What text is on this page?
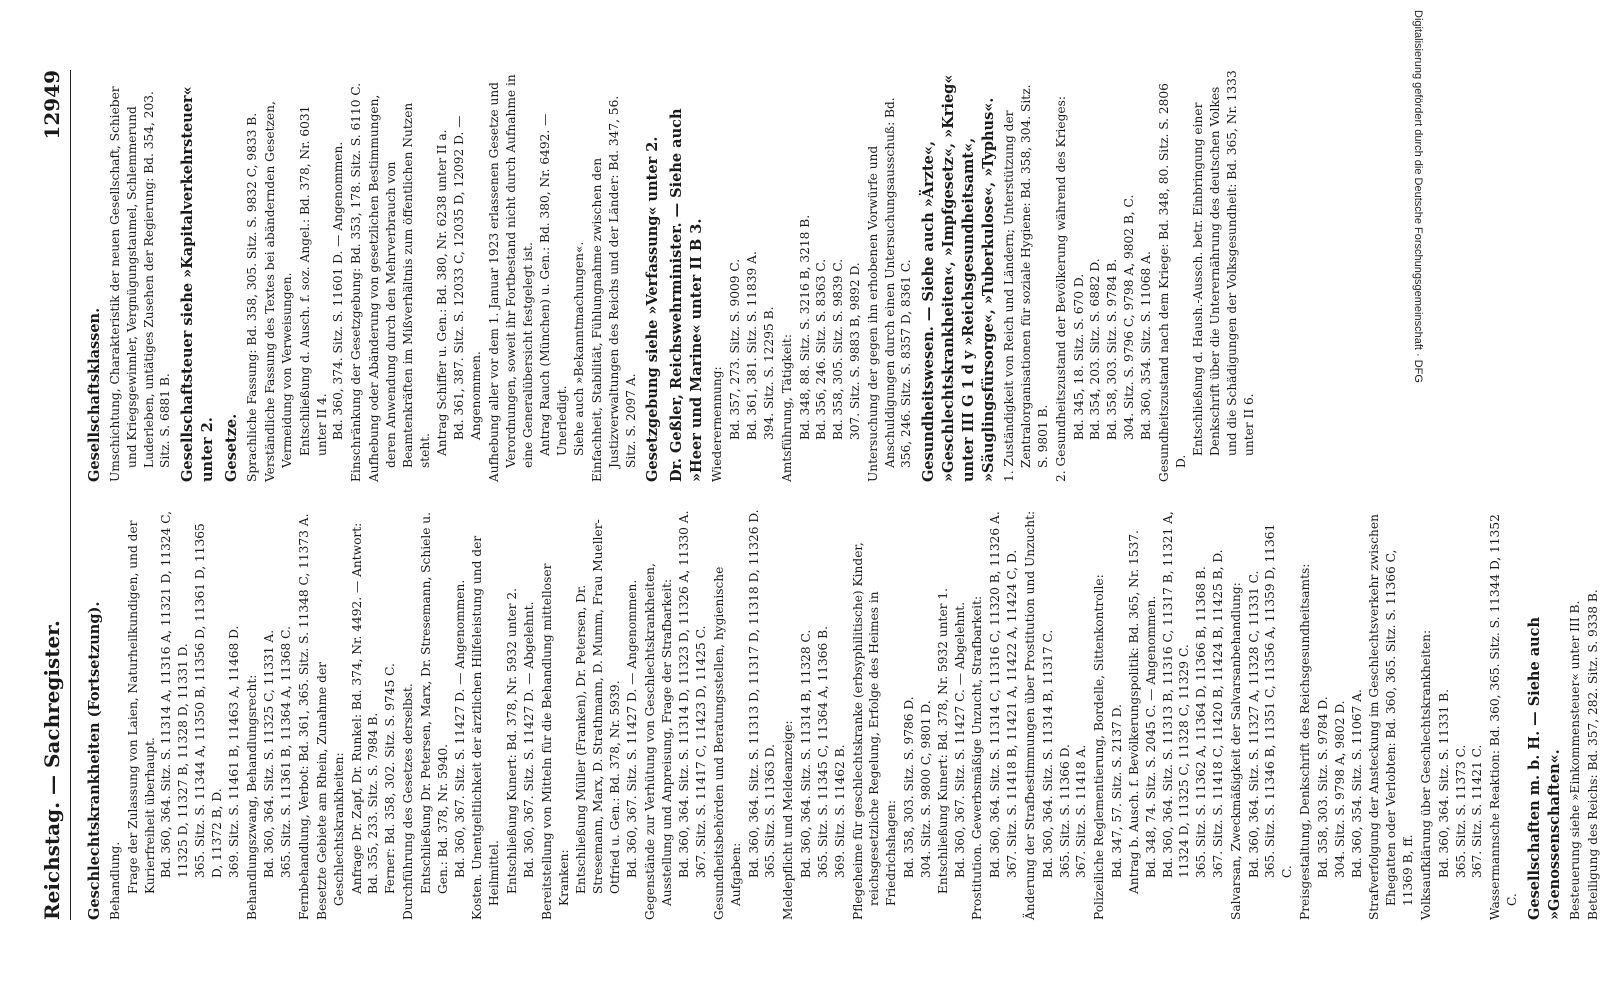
Reichstag. — Sachregister.
12949
Geschlechtskrankheiten (Fortsetzung). Behandlung. Frage der Zulassung von Laien, Naturheilkundigen, und der Kurierfreiheit überhaupt. Bd. 360, 364. Sitz. S. 11314 A, 11316 A, 11321 D, 11324 C, 11325 D, 11327 B, 11328 D, 11331 D. 365. Sitz. S. 11344 A, 11350 B, 11356 D, 11361 D, 11365 D, 11372 B, D. 369. Sitz. S. 11461 B, 11463 A, 11468 D. Behandlungszwang, Behandlungsrecht: Bd. 360, 364. Sitz. S. 11325 C, 11331 A. 365. Sitz. S. 11361 B, 11364 A, 11368 C. Fernbehandlung, Verbot: Bd. 361, 365. Sitz. S. 11348 C, 11373 A. Besetzte Gebiete am Rhein, Zunahme der Geschlechtskrankheiten: Anfrage Dr. Zapf, Dr. Runkel: Bd. 374, Nr. 4492. — Antwort: Bd. 355, 233. Sitz. S. 7984 B. Ferner: Bd. 358, 302. Sitz. S. 9745 C. Durchführung des Gesetzes derselbst. Entschließung Dr. Petersen, Marx, Dr. Stresemann, Schiele u. Gen.: Bd. 378, Nr. 5940. Bd. 360, 367. Sitz. S. 11427 D. — Angenommen. Kosten. Unentgeltlichkeit der ärztlichen Hilfeleistung und der Heilmittel. Entschließung Kunert: Bd. 378, Nr. 5932 unter 2. Bd. 360, 367. Sitz. S. 11427 D. — Abgelehnt. Bereitstellung von Mitteln für die Behandlung mittelloser Kranken: Entschließung Müller (Franken), Dr. Petersen, Dr. Stresemann, Marx, D. Strathmann, D. Mumm, Frau Mueller-Otfried u. Gen.: Bd. 378, Nr. 5939. Bd. 360, 367. Sitz. S. 11427 D. — Angenommen. Gegenstände zur Verhütung von Geschlechtskrankheiten, Ausstellung und Anpreisung, Frage der Strafbarkeit: Bd. 360, 364. Sitz. S. 11314 D, 11323 D, 11326 A, 11330 A. 367. Sitz. S. 11417 C, 11423 D, 11425 C. Gesundheitsbehörden und Beratungsstellen, hygienische Aufgaben: Bd. 360, 364. Sitz. S. 11313 D, 11317 D, 11318 D, 11326 D. 365. Sitz. S. 11363 D. Meldepflicht und Meldeanzeige: Bd. 360, 364. Sitz. S. 11314 B, 11328 C. 365. Sitz. S. 11345 C, 11364 A, 11366 B. 369. Sitz. S. 11462 B. Pflegeheime für geschlechtskranke (erbsyphilitische) Kinder, reichsgesetzliche Regelung, Erfolge des Heimes in Friedrichshagen: Bd. 358, 303. Sitz. S. 9786 D. 304. Sitz. S. 9800 C, 9801 D. Entschließung Kunert: Bd. 378, Nr. 5932 unter 1. Bd. 360, 367. Sitz. S. 11427 C. — Abgelehnt. Prostitution. Gewerbsmäßige Unzucht, Strafbarkeit: Bd. 360, 364. Sitz. S. 11314 C, 11316 C, 11320 B, 11326 A. 367. Sitz. S. 11418 B, 11421 A, 11422 A, 11424 C, D. Änderung der Strafbestimmungen über Prostitution und Unzucht: Bd. 360, 364. Sitz. S. 11314 B, 11317 C. 365. Sitz. S. 11366 D. 367. Sitz. S. 11418 A. Polizeiliche Reglementierung, Bordelle, Sittenkontrolle: Bd. 347, 57. Sitz. S. 2137 D. Antrag b. Ausch. f. Bevölkerungspolitik: Bd. 365, Nr. 1537. Bd. 348, 74. Sitz. S. 2045 C. — Angenommen. Bd. 360, 364. Sitz. S. 11313 B, 11316 C, 11317 B, 11321 A, 11324 D, 11325 C, 11328 C, 11329 C. 365. Sitz. S. 11362 A, 11364 D, 11366 B, 11368 B. 367. Sitz. S. 11418 C, 11420 B, 11424 B, 11425 B, D. Salvarsan, Zweckmäßigkeit der Salvarsanbehandlung: Bd. 360, 364. Sitz. S. 11327 A, 11328 C, 11331 C. 365. Sitz. S. 11346 B, 11351 C, 11356 A, 11359 D, 11361 C. Preisgestaltung, Denkschrift des Reichsgesundheitsamts: Bd. 358, 303. Sitz. S. 9784 D. 304. Sitz. S. 9798 A, 9802 D. Bd. 360, 354. Sitz. S. 11067 A. Strafverfolgung der Ansteckung im Geschlechtsverkehr zwischen Ehegatten oder Verlobten: Bd. 360, 365. Sitz. S. 11366 C, 11369 B, ff. Volksaufklärung über Geschlechtskrankheiten: Bd. 360, 364. Sitz. S. 11331 B. 365. Sitz. S. 11373 C. 367. Sitz. S. 11421 C. Wassermannsche Reaktion: Bd. 360, 365. Sitz. S. 11344 D, 11352 C. Gesellschaften m. b. H. — Siehe auch »Genossenschaften«. Besteuerung siehe »Einkommensteuer« unter III B. Beteiligung des Reichs: Bd. 357, 282. Sitz. S. 9338 B.
Gesellschaftsklassen. Umschichtung, Charakteristik der neuen Gesellschaft, Schieber und Kriegsgewinnler, Vergnügungstaumel, Schlemmerund Luderleben, untätiges Zusehen der Regierung: Bd. 354, 203. Sitz. S. 6881 B. Gesellschaftsteuer siehe »Kapitalverkehrsteuer« unter 2. Gesetze. Sprachliche Fassung: Bd. 358, 305. Sitz. S. 9832 C, 9833 B. Verständliche Fassung des Textes bei abändernden Gesetzen, Vermeidung von Verweisungen. Entschließung d. Ausch. f. soz. Angel.: Bd. 378, Nr. 6031 unter II 4. Bd. 360, 374. Sitz. S. 11601 D. — Angenommen. Einschränkung der Gesetzgebung: Bd. 353, 178. Sitz. S. 6110 C. Aufhebung oder Abänderung von gesetzlichen Bestimmungen, deren Anwendung durch den Mehrverbrauch von Beamtenkräften im Mißverhältnis zum öffentlichen Nutzen steht. Antrag Schiffer u. Gen.: Bd. 380, Nr. 6238 unter II a. Bd. 361, 387. Sitz. S. 12033 C, 12035 D, 12092 D. — Angenommen. Aufhebung aller vor dem 1. Januar 1923 erlassenen Gesetze und Verordnungen, soweit ihr Fortbestand nicht durch Aufnahme in eine Generalübersicht festgelegt ist. Antrag Rauch (München) u. Gen.: Bd. 380, Nr. 6492. — Unerledigt. Siehe auch »Bekanntmachungen«. Einfachheit, Stabilität, Fühlungnahme zwischen den Justizverwaltungen des Reichs und der Länder: Bd. 347, 56. Sitz. S. 2097 A. Gesetzgebung siehe »Verfassung« unter 2. Dr. Geßler, Reichswehrminister. — Siehe auch »Heer und Marine« unter II B 3. Wiederernennung: Bd. 357, 273. Sitz. S. 9009 C. Bd. 361, 381. Sitz. S. 11839 A. 394. Sitz. S. 12295 B. Amtsführung, Tätigkeit: Bd. 348, 88. Sitz. S. 3216 B, 3218 B. Bd. 356, 246. Sitz. S. 8363 C. Bd. 358, 305. Sitz. S. 9839 C. 307. Sitz. S. 9883 B, 9892 D. Untersuchung der gegen ihn erhobenen Vorwürfe und Anschuldigungen durch einen Untersuchungsausschuß: Bd. 356, 246. Sitz. S. 8357 D, 8361 C. Gesundheitswesen. — Siehe auch »Ärzte«, »Geschlechtskrankheiten«, »Impfgesetz«, »Krieg« unter III G 1 d y »Reichsgesundheitsamt«, »Säuglingsfürsorge«, »Tuberkulose«, »Typhus«. 1. Zuständigkeit von Reich und Ländern; Unterstützung der Zentralorganisationen für soziale Hygiene: Bd. 358, 304. Sitz. S. 9801 B. 2. Gesundheitszustand der Bevölkerung während des Krieges: Bd. 345, 18. Sitz. S. 670 D. Bd. 354, 203. Sitz. S. 6882 D. Bd. 358, 303. Sitz. S. 9784 B. 304. Sitz. S. 9796 C, 9798 A, 9802 B, C. Bd. 360, 354. Sitz. S. 11068 A. Gesundheitszustand nach dem Kriege: Bd. 348, 80. Sitz. S. 2806 D.
Entschließung d. Haush.-Aussch. betr. Einbringung einer Denkschrift über die Unterernährung des deutschen Volkes und die Schädigungen der Volksgesundheit: Bd. 365, Nr. 1333 unter II 6.
Digitalisierung gefördert durch die Deutsche Forschungsgemeinschaft · DFG
